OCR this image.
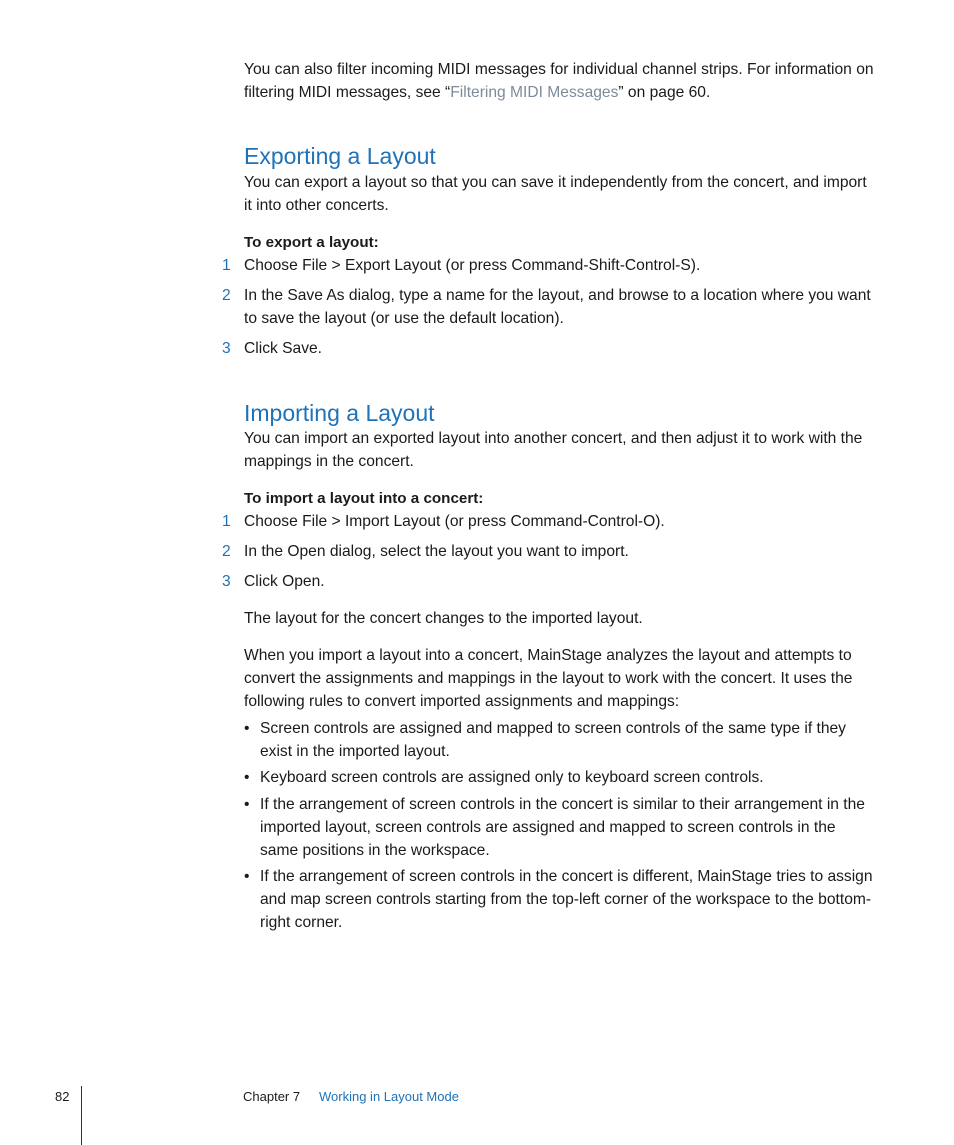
You can also filter incoming MIDI messages for individual channel strips. For information on filtering MIDI messages, see “Filtering MIDI Messages” on page 60.
Exporting a Layout
You can export a layout so that you can save it independently from the concert, and import it into other concerts.
To export a layout:
1 Choose File > Export Layout (or press Command-Shift-Control-S).
2 In the Save As dialog, type a name for the layout, and browse to a location where you want to save the layout (or use the default location).
3 Click Save.
Importing a Layout
You can import an exported layout into another concert, and then adjust it to work with the mappings in the concert.
To import a layout into a concert:
1 Choose File > Import Layout (or press Command-Control-O).
2 In the Open dialog, select the layout you want to import.
3 Click Open.
The layout for the concert changes to the imported layout.
When you import a layout into a concert, MainStage analyzes the layout and attempts to convert the assignments and mappings in the layout to work with the concert. It uses the following rules to convert imported assignments and mappings:
• Screen controls are assigned and mapped to screen controls of the same type if they exist in the imported layout.
• Keyboard screen controls are assigned only to keyboard screen controls.
• If the arrangement of screen controls in the concert is similar to their arrangement in the imported layout, screen controls are assigned and mapped to screen controls in the same positions in the workspace.
• If the arrangement of screen controls in the concert is different, MainStage tries to assign and map screen controls starting from the top-left corner of the workspace to the bottom-right corner.
82	Chapter 7 Working in Layout Mode
